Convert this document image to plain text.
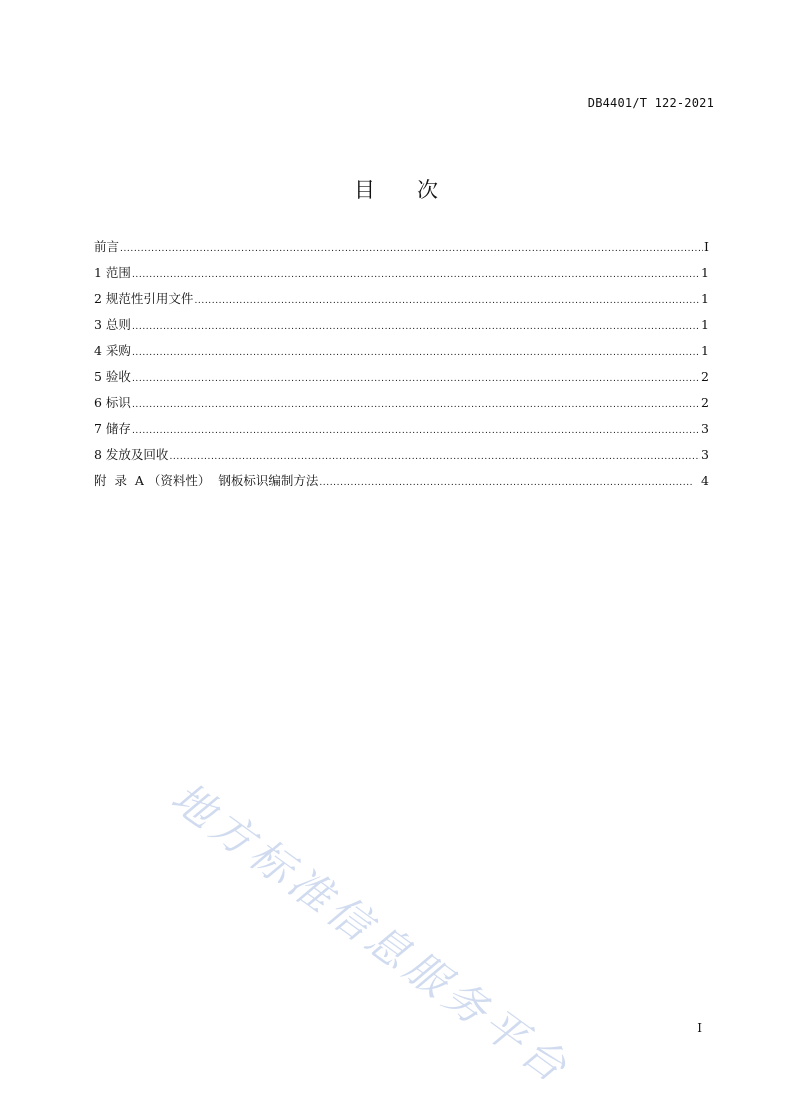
DB4401/T 122-2021
目 次
前言 .....	I
1 范围 .....	1
2 规范性引用文件 .....	1
3 总则 .....	1
4 采购 .....	1
5 验收 .....	2
6 标识 .....	2
7 储存 .....	3
8 发放及回收 .....	3
附  录  A （资料性）  钢板标识编制方法 .....	4
地方标准信息服务平台	I
